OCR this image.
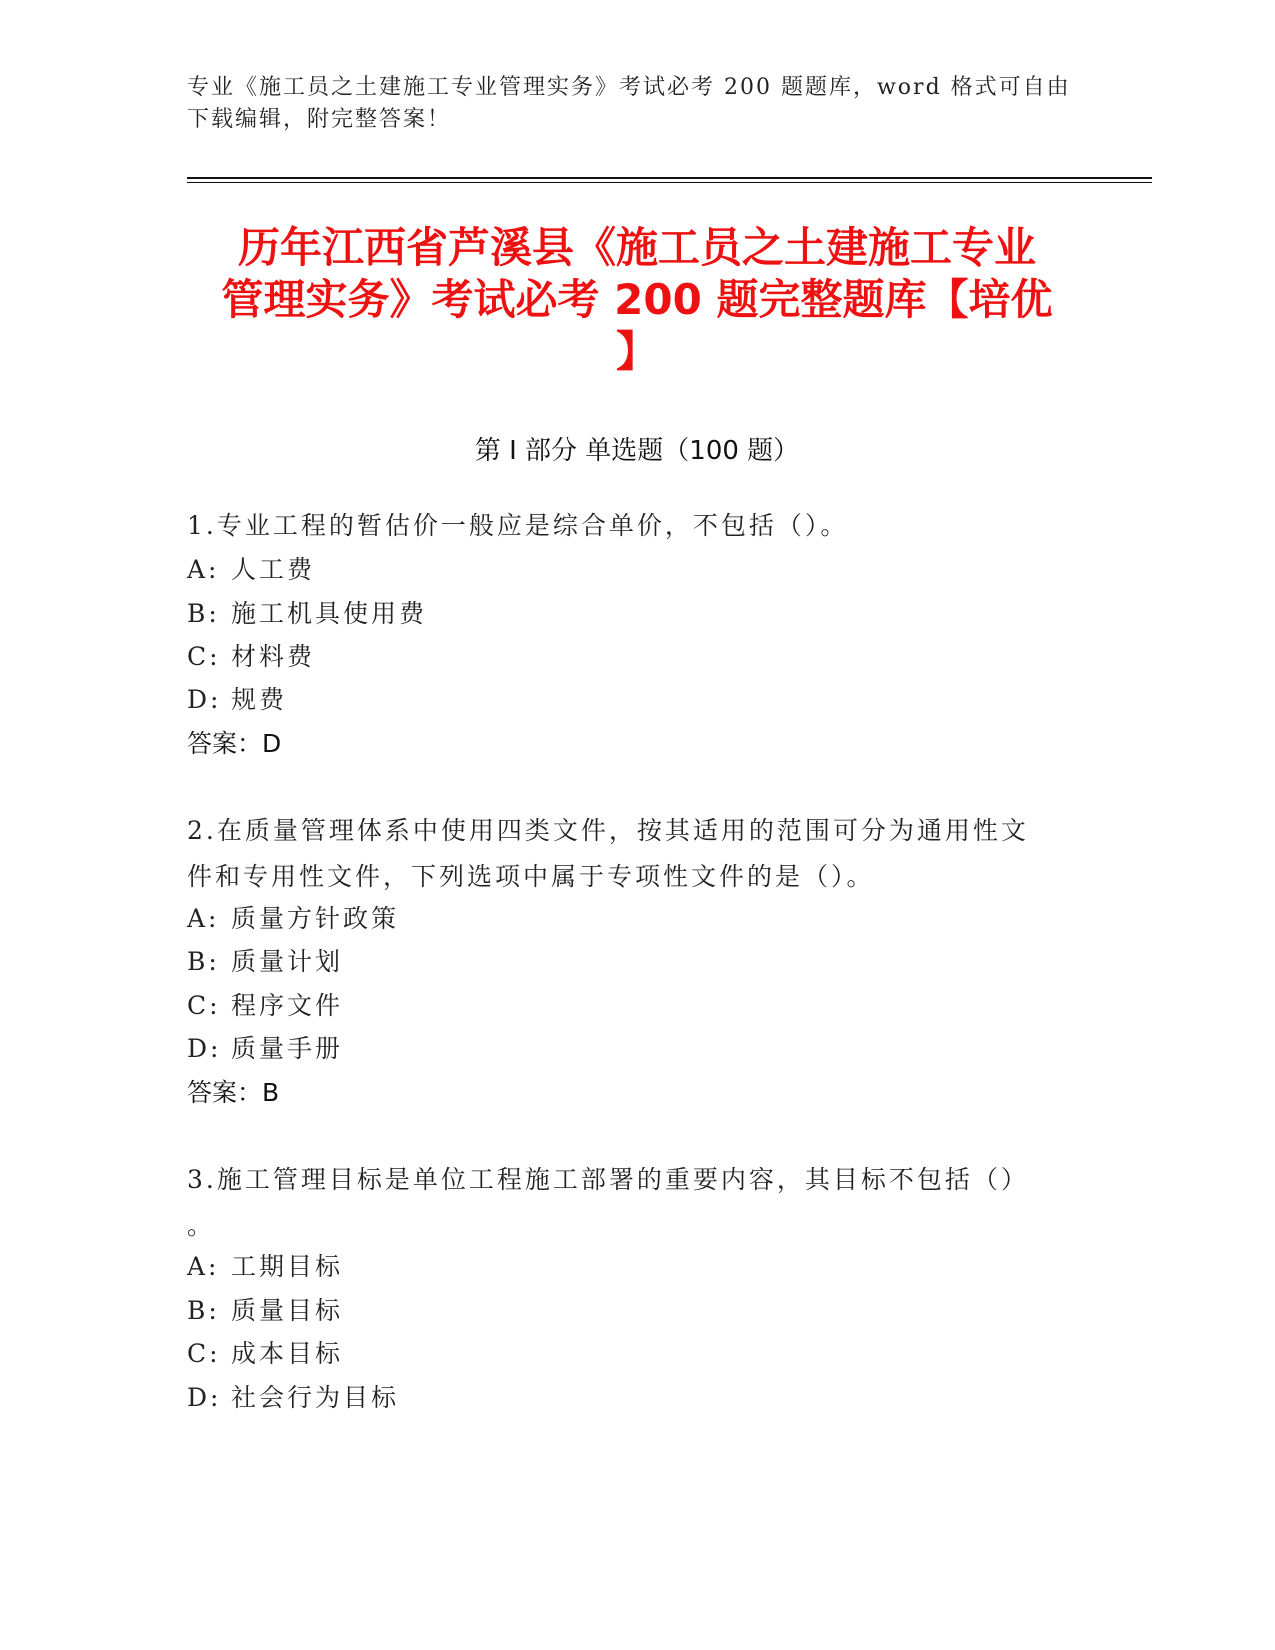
专业《施工员之土建施工专业管理实务》考试必考 200 题题库，word 格式可自由
下载编辑，附完整答案！
历年江西省芦溪县《施工员之土建施工专业
管理实务》考试必考 200 题完整题库【培优
】
第 I 部分 单选题（100 题）
1.专业工程的暂估价一般应是综合单价，不包括（）。
A: 人工费
B: 施工机具使用费
C: 材料费
D: 规费
答案：D
2.在质量管理体系中使用四类文件，按其适用的范围可分为通用性文
件和专用性文件，下列选项中属于专项性文件的是（）。
A: 质量方针政策
B: 质量计划
C: 程序文件
D: 质量手册
答案：B
3.施工管理目标是单位工程施工部署的重要内容，其目标不包括（）
。
A: 工期目标
B: 质量目标
C: 成本目标
D: 社会行为目标
